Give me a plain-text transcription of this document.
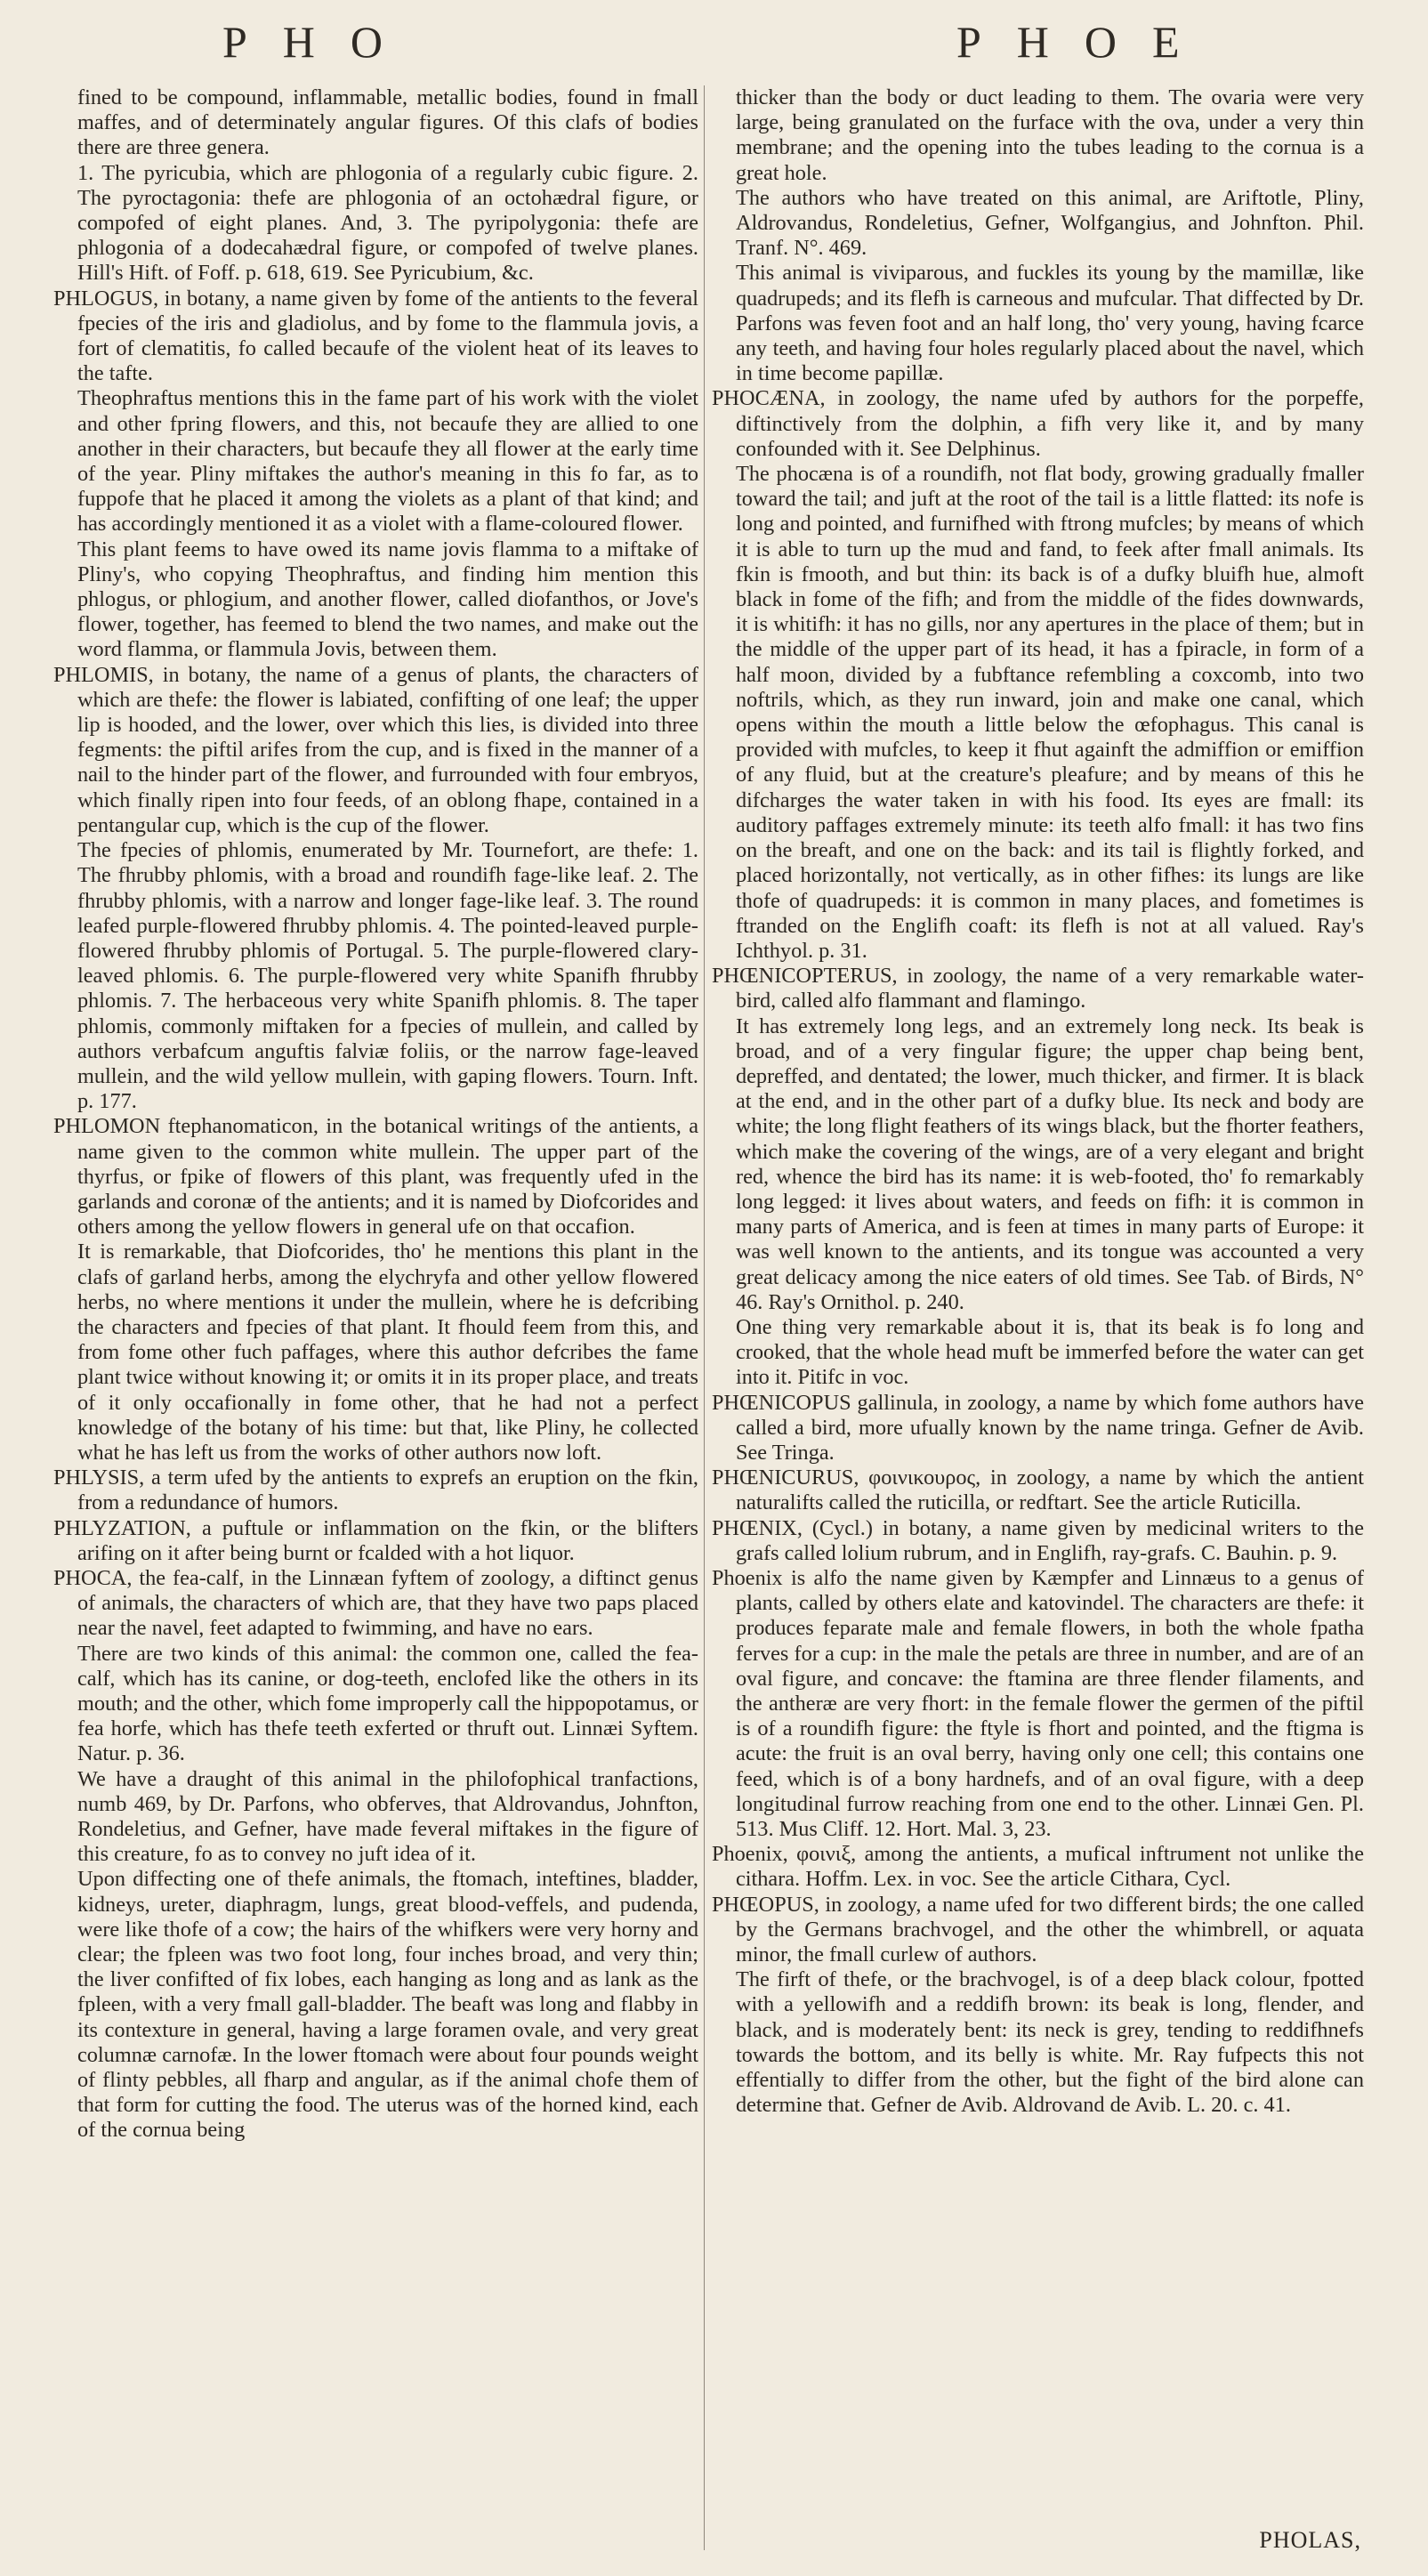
PHO	PHOE

fined to be compound, inflammable, metallic bodies, found in fmall maffes, and of determinately angular figures. Of this clafs of bodies there are three genera.

1. The pyricubia, which are phlogonia of a regularly cubic figure. 2. The pyroctagonia: thefe are phlogonia of an octohædral figure, or compofed of eight planes. And, 3. The pyripolygonia: thefe are phlogonia of a dodecahædral figure, or compofed of twelve planes. Hill's Hift. of Foff. p. 618, 619. See Pyricubium, &c.

PHLOGUS, in botany, a name given by fome of the antients to the feveral fpecies of the iris and gladiolus, and by fome to the flammula jovis, a fort of clematitis, fo called becaufe of the violent heat of its leaves to the tafte.

Theophraftus mentions this in the fame part of his work with the violet and other fpring flowers, and this, not becaufe they are allied to one another in their characters, but becaufe they all flower at the early time of the year. Pliny miftakes the author's meaning in this fo far, as to fuppofe that he placed it among the violets as a plant of that kind; and has accordingly mentioned it as a violet with a flame-coloured flower.

This plant feems to have owed its name jovis flamma to a miftake of Pliny's, who copying Theophraftus, and finding him mention this phlogus, or phlogium, and another flower, called diofanthos, or Jove's flower, together, has feemed to blend the two names, and make out the word flamma, or flammula Jovis, between them.

PHLOMIS, in botany, the name of a genus of plants, the characters of which are thefe: the flower is labiated, confifting of one leaf; the upper lip is hooded, and the lower, over which this lies, is divided into three fegments: the piftil arifes from the cup, and is fixed in the manner of a nail to the hinder part of the flower, and furrounded with four embryos, which finally ripen into four feeds, of an oblong fhape, contained in a pentangular cup, which is the cup of the flower.

The fpecies of phlomis, enumerated by Mr. Tournefort, are thefe: 1. The fhrubby phlomis, with a broad and roundifh fage-like leaf. 2. The fhrubby phlomis, with a narrow and longer fage-like leaf. 3. The round leafed purple-flowered fhrubby phlomis. 4. The pointed-leaved purple-flowered fhrubby phlomis of Portugal. 5. The purple-flowered clary-leaved phlomis. 6. The purple-flowered very white Spanifh fhrubby phlomis. 7. The herbaceous very white Spanifh phlomis. 8. The taper phlomis, commonly miftaken for a fpecies of mullein, and called by authors verbafcum anguftis falviæ foliis, or the narrow fage-leaved mullein, and the wild yellow mullein, with gaping flowers. Tourn. Inft. p. 177.

PHLOMON ftephanomaticon, in the botanical writings of the antients, a name given to the common white mullein. The upper part of the thyrfus, or fpike of flowers of this plant, was frequently ufed in the garlands and coronæ of the antients; and it is named by Diofcorides and others among the yellow flowers in general ufe on that occafion.

It is remarkable, that Diofcorides, tho' he mentions this plant in the clafs of garland herbs, among the elychryfa and other yellow flowered herbs, no where mentions it under the mullein, where he is defcribing the characters and fpecies of that plant. It fhould feem from this, and from fome other fuch paffages, where this author defcribes the fame plant twice without knowing it; or omits it in its proper place, and treats of it only occafionally in fome other, that he had not a perfect knowledge of the botany of his time: but that, like Pliny, he collected what he has left us from the works of other authors now loft.

PHLYSIS, a term ufed by the antients to exprefs an eruption on the fkin, from a redundance of humors.

PHLYZATION, a puftule or inflammation on the fkin, or the blifters arifing on it after being burnt or fcalded with a hot liquor.

PHOCA, the fea-calf, in the Linnæan fyftem of zoology, a diftinct genus of animals, the characters of which are, that they have two paps placed near the navel, feet adapted to fwimming, and have no ears.

There are two kinds of this animal: the common one, called the fea-calf, which has its canine, or dog-teeth, enclofed like the others in its mouth; and the other, which fome improperly call the hippopotamus, or fea horfe, which has thefe teeth exferted or thruft out. Linnæi Syftem. Natur. p. 36.

We have a draught of this animal in the philofophical tranfactions, numb 469, by Dr. Parfons, who obferves, that Aldrovandus, Johnfton, Rondeletius, and Gefner, have made feveral miftakes in the figure of this creature, fo as to convey no juft idea of it.

Upon diffecting one of thefe animals, the ftomach, inteftines, bladder, kidneys, ureter, diaphragm, lungs, great blood-veffels, and pudenda, were like thofe of a cow; the hairs of the whifkers were very horny and clear; the fpleen was two foot long, four inches broad, and very thin; the liver confifted of fix lobes, each hanging as long and as lank as the fpleen, with a very fmall gall-bladder. The beaft was long and flabby in its contexture in general, having a large foramen ovale, and very great columnæ carnofæ. In the lower ftomach were about four pounds weight of flinty pebbles, all fharp and angular, as if the animal chofe them of that form for cutting the food. The uterus was of the horned kind, each of the cornua being

thicker than the body or duct leading to them. The ovaria were very large, being granulated on the furface with the ova, under a very thin membrane; and the opening into the tubes leading to the cornua is a great hole.

The authors who have treated on this animal, are Ariftotle, Pliny, Aldrovandus, Rondeletius, Gefner, Wolfgangius, and Johnfton. Phil. Tranf. N°. 469.

This animal is viviparous, and fuckles its young by the mamillæ, like quadrupeds; and its flefh is carneous and mufcular. That diffected by Dr. Parfons was feven foot and an half long, tho' very young, having fcarce any teeth, and having four holes regularly placed about the navel, which in time become papillæ.

PHOCÆNA, in zoology, the name ufed by authors for the porpeffe, diftinctively from the dolphin, a fifh very like it, and by many confounded with it. See Delphinus.

The phocæna is of a roundifh, not flat body, growing gradually fmaller toward the tail; and juft at the root of the tail is a little flatted: its nofe is long and pointed, and furnifhed with ftrong mufcles; by means of which it is able to turn up the mud and fand, to feek after fmall animals. Its fkin is fmooth, and but thin: its back is of a dufky bluifh hue, almoft black in fome of the fifh; and from the middle of the fides downwards, it is whitifh: it has no gills, nor any apertures in the place of them; but in the middle of the upper part of its head, it has a fpiracle, in form of a half moon, divided by a fubftance refembling a coxcomb, into two noftrils, which, as they run inward, join and make one canal, which opens within the mouth a little below the œfophagus. This canal is provided with mufcles, to keep it fhut againft the admiffion or emiffion of any fluid, but at the creature's pleafure; and by means of this he difcharges the water taken in with his food. Its eyes are fmall: its auditory paffages extremely minute: its teeth alfo fmall: it has two fins on the breaft, and one on the back: and its tail is flightly forked, and placed horizontally, not vertically, as in other fifhes: its lungs are like thofe of quadrupeds: it is common in many places, and fometimes is ftranded on the Englifh coaft: its flefh is not at all valued. Ray's Ichthyol. p. 31.

PHŒNICOPTERUS, in zoology, the name of a very remarkable water-bird, called alfo flammant and flamingo.

It has extremely long legs, and an extremely long neck. Its beak is broad, and of a very fingular figure; the upper chap being bent, depreffed, and dentated; the lower, much thicker, and firmer. It is black at the end, and in the other part of a dufky blue. Its neck and body are white; the long flight feathers of its wings black, but the fhorter feathers, which make the covering of the wings, are of a very elegant and bright red, whence the bird has its name: it is web-footed, tho' fo remarkably long legged: it lives about waters, and feeds on fifh: it is common in many parts of America, and is feen at times in many parts of Europe: it was well known to the antients, and its tongue was accounted a very great delicacy among the nice eaters of old times. See Tab. of Birds, N° 46. Ray's Ornithol. p. 240.

One thing very remarkable about it is, that its beak is fo long and crooked, that the whole head muft be immerfed before the water can get into it. Pitifc in voc.

PHŒNICOPUS gallinula, in zoology, a name by which fome authors have called a bird, more ufually known by the name tringa. Gefner de Avib. See Tringa.

PHŒNICURUS, φοινικουρος, in zoology, a name by which the antient naturalifts called the ruticilla, or redftart. See the article Ruticilla.

PHŒNIX, (Cycl.) in botany, a name given by medicinal writers to the grafs called lolium rubrum, and in Englifh, ray-grafs. C. Bauhin. p. 9.

Phoenix is alfo the name given by Kæmpfer and Linnæus to a genus of plants, called by others elate and katovindel. The characters are thefe: it produces feparate male and female flowers, in both the whole fpatha ferves for a cup: in the male the petals are three in number, and are of an oval figure, and concave: the ftamina are three flender filaments, and the antheræ are very fhort: in the female flower the germen of the piftil is of a roundifh figure: the ftyle is fhort and pointed, and the ftigma is acute: the fruit is an oval berry, having only one cell; this contains one feed, which is of a bony hardnefs, and of an oval figure, with a deep longitudinal furrow reaching from one end to the other. Linnæi Gen. Pl. 513. Mus Cliff. 12. Hort. Mal. 3, 23.

Phoenix, φοινιξ, among the antients, a mufical inftrument not unlike the cithara. Hoffm. Lex. in voc. See the article Cithara, Cycl.

PHŒOPUS, in zoology, a name ufed for two different birds; the one called by the Germans brachvogel, and the other the whimbrell, or aquata minor, the fmall curlew of authors.

The firft of thefe, or the brachvogel, is of a deep black colour, fpotted with a yellowifh and a reddifh brown: its beak is long, flender, and black, and is moderately bent: its neck is grey, tending to reddifhnefs towards the bottom, and its belly is white. Mr. Ray fufpects this not effentially to differ from the other, but the fight of the bird alone can determine that. Gefner de Avib. Aldrovand de Avib. L. 20. c. 41.

PHOLAS,
